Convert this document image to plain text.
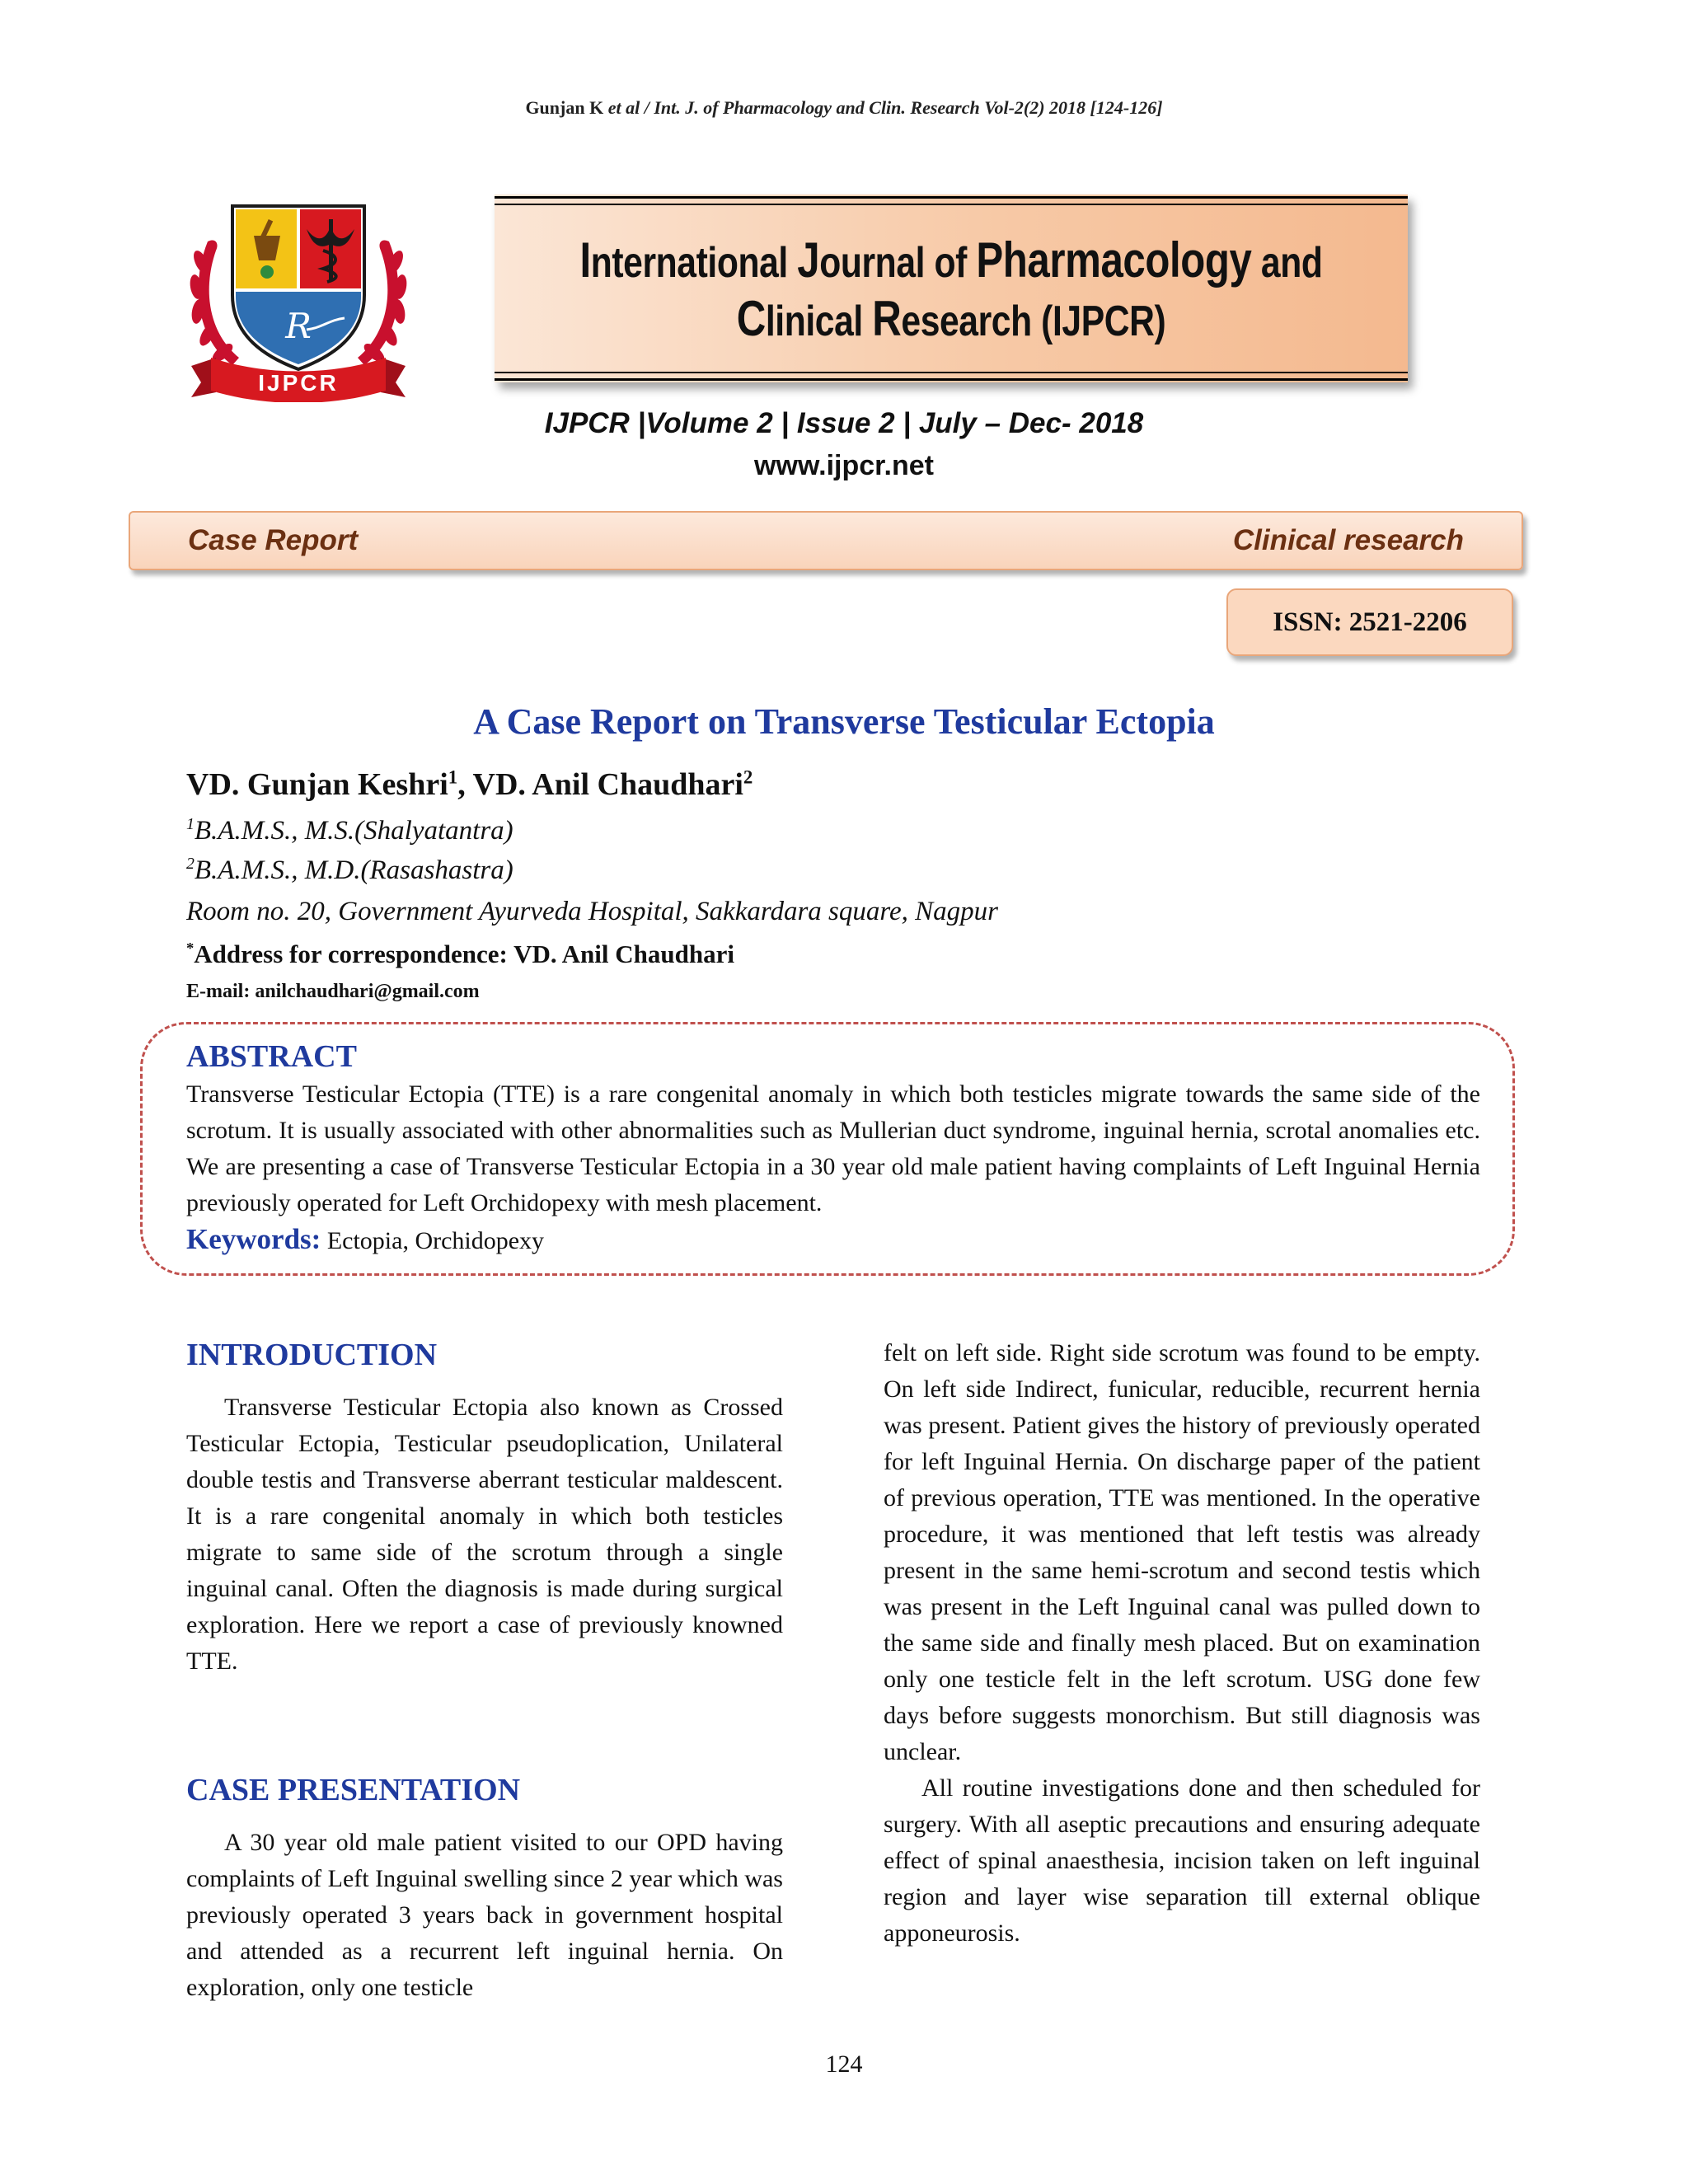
Gunjan K et al / Int. J. of Pharmacology and Clin. Research Vol-2(2) 2018 [124-126]
R
IJPCR
International Journal of Pharmacology and
Clinical Research (IJPCR)
IJPCR |Volume 2 | Issue 2 | July – Dec- 2018
www.ijpcr.net
Case Report	Clinical research
ISSN: 2521-2206
A Case Report on Transverse Testicular Ectopia
VD. Gunjan Keshri$^1$, VD. Anil Chaudhari$^2$
$^1$B.A.M.S., M.S.(Shalyatantra)
$^2$B.A.M.S., M.D.(Rasashastra)
Room no. 20, Government Ayurveda Hospital, Sakkardara square, Nagpur
*Address for correspondence: VD. Anil Chaudhari
E-mail: anilchaudhari@gmail.com
ABSTRACT
Transverse Testicular Ectopia (TTE) is a rare congenital anomaly in which both testicles migrate towards the same side of the scrotum. It is usually associated with other abnormalities such as Mullerian duct syndrome, inguinal hernia, scrotal anomalies etc. We are presenting a case of Transverse Testicular Ectopia in a 30 year old male patient having complaints of Left Inguinal Hernia previously operated for Left Orchidopexy with mesh placement.
Keywords: Ectopia, Orchidopexy
INTRODUCTION

Transverse Testicular Ectopia also known as Crossed Testicular Ectopia, Testicular pseudoplication, Unilateral double testis and Transverse aberrant testicular maldescent. It is a rare congenital anomaly in which both testicles migrate to same side of the scrotum through a single inguinal canal. Often the diagnosis is made during surgical exploration. Here we report a case of previously knowned TTE.

CASE PRESENTATION

A 30 year old male patient visited to our OPD having complaints of Left Inguinal swelling since 2 year which was previously operated 3 years back in government hospital and attended as a recurrent left inguinal hernia. On exploration, only one testicle

felt on left side. Right side scrotum was found to be empty. On left side Indirect, funicular, reducible, recurrent hernia was present. Patient gives the history of previously operated for left Inguinal Hernia. On discharge paper of the patient of previous operation, TTE was mentioned. In the operative procedure, it was mentioned that left testis was already present in the same hemi-scrotum and second testis which was present in the Left Inguinal canal was pulled down to the same side and finally mesh placed. But on examination only one testicle felt in the left scrotum. USG done few days before suggests monorchism. But still diagnosis was unclear.

All routine investigations done and then scheduled for surgery. With all aseptic precautions and ensuring adequate effect of spinal anaesthesia, incision taken on left inguinal region and layer wise separation till external oblique apponeurosis.

124
